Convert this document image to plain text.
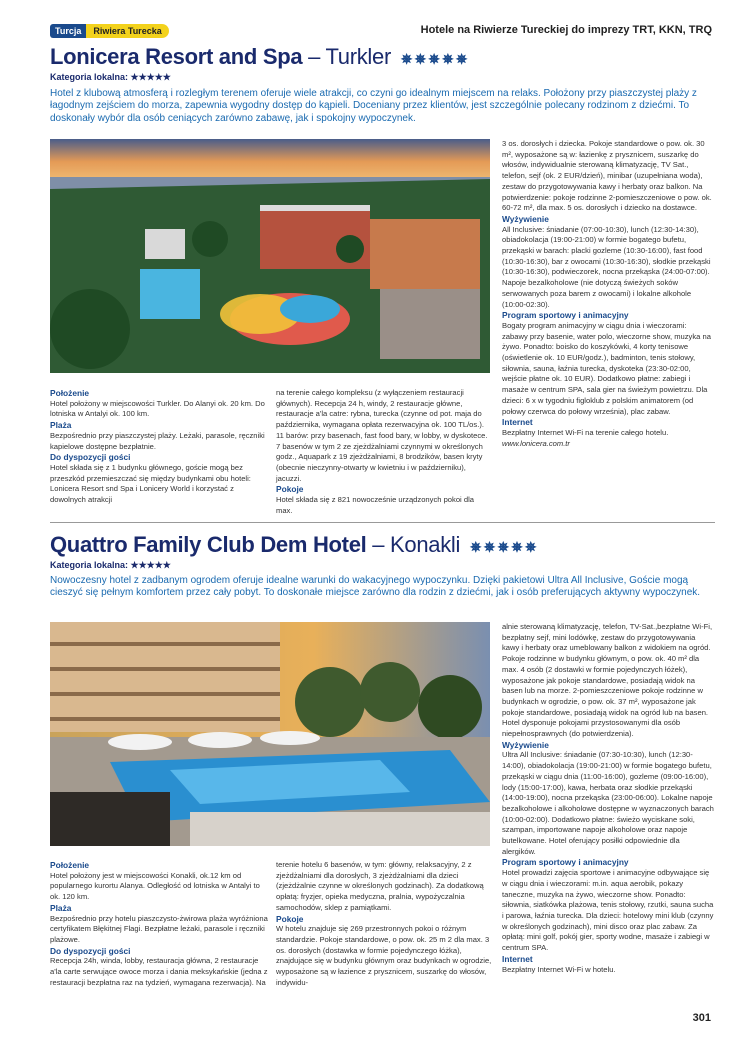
Turcja	Riwiera Turecka	Hotele na Riwierze Tureckiej do imprezy TRT, KKN, TRQ
Lonicera Resort and Spa – Turkler ✵✵✵✵✵
Kategoria lokalna: ★★★★★
Hotel z klubową atmosferą i rozległym terenem oferuje wiele atrakcji, co czyni go idealnym miejscem na relaks. Położony przy piaszczystej plaży z łagodnym zejściem do morza, zapewnia wygodny dostęp do kąpieli. Doceniany przez klientów, jest szczególnie polecany rodzinom z dziećmi. To doskonały wybór dla osób ceniących zarówno zabawę, jak i spokojny wypoczynek.

Położenie

Hotel położony w miejscowości Turkler. Do Alanyi ok. 20 km. Do lotniska w Antalyi ok. 100 km.

Plaża

Bezpośrednio przy piaszczystej plaży. Leżaki, parasole, ręczniki kapielowe dostępne bezpłatnie.

Do dyspozycji gości

Hotel składa się z 1 budynku głównego, goście mogą bez przeszkód przemieszczać się między budynkami obu hoteli: Lonicera Resort snd Spa i Lonicery World i korzystać z dowolnych atrakcji

na terenie całego kompleksu (z wyłączeniem restauracji głównych). Recepcja 24 h, windy, 2 restauracje główne, restauracje a'la catre: rybna, turecka (czynne od pot. maja do października, wymagana opłata rezerwacyjna ok. 100 TL/os.). 11 barów: przy basenach, fast food bary, w lobby, w dyskotece. 7 basenów w tym 2 ze zjeżdżalniami czynnymi w określonych godz., Aquapark z 19 zjeżdżalniami, 8 brodzików, basen kryty (obecnie nieczynny-otwarty w kwietniu i w październiku), jacuzzi.

Pokoje

Hotel składa się z 821 nowocześnie urządzonych pokoi dla max.

3 os. dorosłych i dziecka. Pokoje standardowe o pow. ok. 30 m², wyposażone są w: łazienkę z prysznicem, suszarkę do włosów, indywidualnie sterowaną klimatyzację, TV Sat., telefon, sejf (ok. 2 EUR/dzień), minibar (uzupełniana woda), zestaw do przygotowywania kawy i herbaty oraz balkon. Na potwierdzenie: pokoje rodzinne 2-pomieszczeniowe o pow. ok. 60-72 m², dla max. 5 os. dorosłych i dziecko na dostawce.

Wyżywienie

All Inclusive: śniadanie (07:00-10:30), lunch (12:30-14:30), obiadokolacja (19:00-21:00) w formie bogatego bufetu, przekąski w barach: placki gozleme (10:30-16:00), fast food (10:30-16:30), bar z owocami (10:30-16:30), słodkie przekąski (10:30-16:30), podwieczorek, nocna przekąska (24:00-07:00). Napoje bezalkoholowe (nie dotyczą świeżych soków serwowanych poza barem z owocami) i lokalne alkohole (10:00-02:30).

Program sportowy i animacyjny

Bogaty program animacyjny w ciągu dnia i wieczorami: zabawy przy basenie, water polo, wieczorne show, muzyka na żywo. Ponadto: boisko do koszykówki, 4 korty tenisowe (oświetlenie ok. 10 EUR/godz.), badminton, tenis stołowy, siłownia, sauna, łaźnia turecka, dyskoteka (23:30-02:00, wejście płatne ok. 10 EUR). Dodatkowo płatne: zabiegi i masaże w centrum SPA, sala gier na świeżym powietrzu. Dla dzieci: 6 x w tygodniu figloklub z polskim animatorem (od połowy czerwca do połowy września), plac zabaw.

Internet

Bezpłatny Internet Wi-Fi na terenie całego hotelu.

www.lonicera.com.tr

Quattro Family Club Dem Hotel – Konakli ✵✵✵✵✵
Kategoria lokalna: ★★★★★
Nowoczesny hotel z zadbanym ogrodem oferuje idealne warunki do wakacyjnego wypoczynku. Dzięki pakietowi Ultra All Inclusive, Goście mogą cieszyć się pełnym komfortem przez cały pobyt. To doskonałe miejsce zarówno dla rodzin z dziećmi, jak i osób preferujących aktywny wypoczynek.

Położenie

Hotel położony jest w miejscowości Konakli, ok.12 km od popularnego kurortu Alanya. Odległość od lotniska w Antalyi to ok. 120 km.

Plaża

Bezpośrednio przy hotelu piaszczysto-żwirowa plaża wyróżniona certyfikatem Błękitnej Flagi. Bezpłatne leżaki, parasole i ręczniki plażowe.

Do dyspozycji gości

Recepcja 24h, winda, lobby, restauracja główna, 2 restauracje a'la carte serwujące owoce morza i dania meksykańskie (jedna z restauracji bezpłatna raz na tydzień, wymagana rezerwacja). Na

terenie hotelu 6 basenów, w tym: główny, relaksacyjny, 2 z zjeżdżalniami dla dorosłych, 3 zjeżdżalniami dla dzieci (zjeżdżalnie czynne w określonych godzinach). Za dodatkową opłatą: fryzjer, opieka medyczna, pralnia, wypożyczalnia samochodów, sklep z pamiątkami.

Pokoje

W hotelu znajduje się 269 przestronnych pokoi o różnym standardzie. Pokoje standardowe, o pow. ok. 25 m 2 dla max. 3 os. dorosłych (dostawka w formie pojedynczego łóżka), znajdujące się w budynku głównym oraz budynkach w ogrodzie, wyposażone są w łazience z prysznicem, suszarkę do włosów, indywidu-

alnie sterowaną klimatyzację, telefon, TV-Sat.,bezpłatne Wi-Fi, bezpłatny sejf, mini lodówkę, zestaw do przygotowywania kawy i herbaty oraz umeblowany balkon z widokiem na ogród. Pokoje rodzinne w budynku głównym, o pow. ok. 40 m² dla max. 4 osób (2 dostawki w formie pojedynczych łóżek), wyposażone jak pokoje standardowe, posiadają widok na basen lub na morze. 2-pomieszczeniowe pokoje rodzinne w budynkach w ogrodzie, o pow. ok. 37 m², wyposażone jak pokoje standardowe, posiadają widok na ogród lub na basen. Hotel dysponuje pokojami przystosowanymi dla osób niepełnosprawnych (do potwierdzenia).

Wyżywienie

Ultra All Inclusive: śniadanie (07:30-10:30), lunch (12:30-14:00), obiadokolacja (19:00-21:00) w formie bogatego bufetu, przekąski w ciągu dnia (11:00-16:00), gozleme (09:00-16:00), lody (15:00-17:00), kawa, herbata oraz słodkie przekąski (14:00-19:00), nocna przekąska (23:00-06:00). Lokalne napoje bezalkoholowe i alkoholowe dostępne w wyznaczonych barach (10:00-02:00). Dodatkowo płatne: świeżo wyciskane soki, szampan, importowane napoje alkoholowe oraz napoje butelkowane. Hotel oferujący posiłki odpowiednie dla alergików.

Program sportowy i animacyjny

Hotel prowadzi zajęcia sportowe i animacyjne odbywające się w ciągu dnia i wieczorami: m.in. aqua aerobik, pokazy taneczne, muzyka na żywo, wieczorne show. Ponadto: siłownia, siatkówka plażowa, tenis stołowy, rzutki, sauna sucha i parowa, łaźnia turecka. Dla dzieci: hotelowy mini klub (czynny w określonych godzinach), mini disco oraz plac zabaw. Za opłatą: mini golf, pokój gier, sporty wodne, masaże i zabiegi w centrum SPA.

Internet

Bezpłatny Internet Wi-Fi w hotelu.

301
